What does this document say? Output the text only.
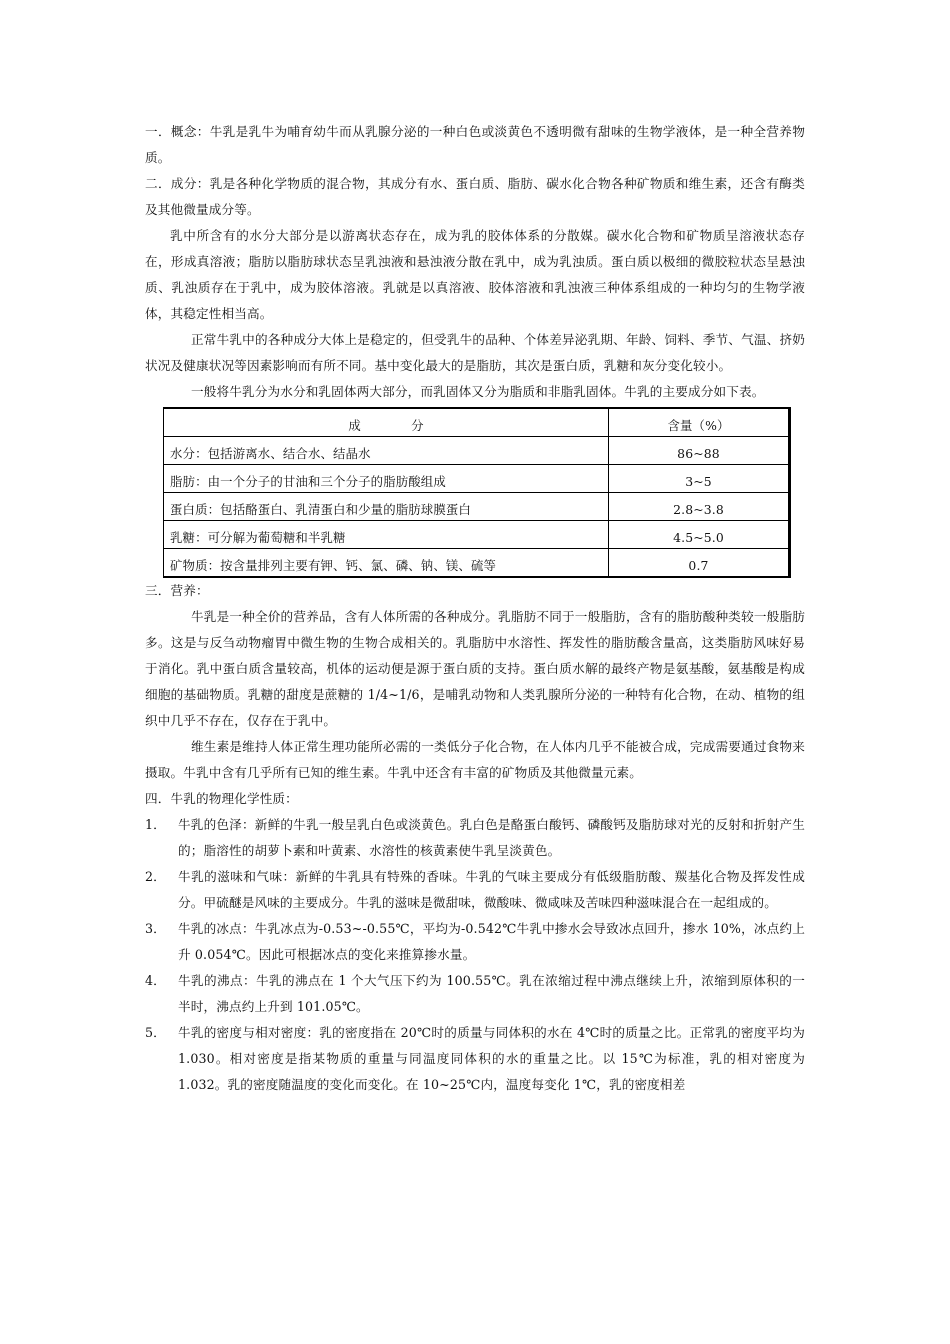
一．概念：牛乳是乳牛为哺育幼牛而从乳腺分泌的一种白色或淡黄色不透明微有甜味的生物学液体，是一种全营养物质。

二．成分：乳是各种化学物质的混合物，其成分有水、蛋白质、脂肪、碳水化合物各种矿物质和维生素，还含有酶类及其他微量成分等。

乳中所含有的水分大部分是以游离状态存在，成为乳的胶体体系的分散媒。碳水化合物和矿物质呈溶液状态存在，形成真溶液；脂肪以脂肪球状态呈乳浊液和悬浊液分散在乳中，成为乳浊质。蛋白质以极细的微胶粒状态呈悬浊质、乳浊质存在于乳中，成为胶体溶液。乳就是以真溶液、胶体溶液和乳浊液三种体系组成的一种均匀的生物学液体，其稳定性相当高。

正常牛乳中的各种成分大体上是稳定的，但受乳牛的品种、个体差异泌乳期、年龄、饲料、季节、气温、挤奶状况及健康状况等因素影响而有所不同。基中变化最大的是脂肪，其次是蛋白质，乳糖和灰分变化较小。

一般将牛乳分为水分和乳固体两大部分，而乳固体又分为脂质和非脂乳固体。牛乳的主要成分如下表。

成　　　　分	含量（%）
水分：包括游离水、结合水、结晶水	86~88
脂肪：由一个分子的甘油和三个分子的脂肪酸组成	3~5
蛋白质：包括酪蛋白、乳清蛋白和少量的脂肪球膜蛋白	2.8~3.8
乳糖：可分解为葡萄糖和半乳糖	4.5~5.0
矿物质：按含量排列主要有钾、钙、氯、磷、钠、镁、硫等	0.7

三．营养：

牛乳是一种全价的营养品，含有人体所需的各种成分。乳脂肪不同于一般脂肪，含有的脂肪酸种类较一般脂肪多。这是与反刍动物瘤胃中微生物的生物合成相关的。乳脂肪中水溶性、挥发性的脂肪酸含量高，这类脂肪风味好易于消化。乳中蛋白质含量较高，机体的运动便是源于蛋白质的支持。蛋白质水解的最终产物是氨基酸，氨基酸是构成细胞的基础物质。乳糖的甜度是蔗糖的 1/4~1/6，是哺乳动物和人类乳腺所分泌的一种特有化合物，在动、植物的组织中几乎不存在，仅存在于乳中。

维生素是维持人体正常生理功能所必需的一类低分子化合物，在人体内几乎不能被合成，完成需要通过食物来摄取。牛乳中含有几乎所有已知的维生素。牛乳中还含有丰富的矿物质及其他微量元素。

四．牛乳的物理化学性质：

1． 牛乳的色泽：新鲜的牛乳一般呈乳白色或淡黄色。乳白色是酪蛋白酸钙、磷酸钙及脂肪球对光的反射和折射产生的；脂溶性的胡萝卜素和叶黄素、水溶性的核黄素使牛乳呈淡黄色。
2． 牛乳的滋味和气味：新鲜的牛乳具有特殊的香味。牛乳的气味主要成分有低级脂肪酸、羰基化合物及挥发性成分。甲硫醚是风味的主要成分。牛乳的滋味是微甜味，微酸味、微咸味及苦味四种滋味混合在一起组成的。
3． 牛乳的冰点：牛乳冰点为-0.53~-0.55℃，平均为-0.542℃牛乳中掺水会导致冰点回升，掺水 10%，冰点约上升 0.054℃。因此可根据冰点的变化来推算掺水量。
4． 牛乳的沸点：牛乳的沸点在 1 个大气压下约为 100.55℃。乳在浓缩过程中沸点继续上升，浓缩到原体积的一半时，沸点约上升到 101.05℃。
5． 牛乳的密度与相对密度：乳的密度指在 20℃时的质量与同体积的水在 4℃时的质量之比。正常乳的密度平均为 1.030。相对密度是指某物质的重量与同温度同体积的水的重量之比。以 15℃为标准，乳的相对密度为 1.032。乳的密度随温度的变化而变化。在 10~25℃内，温度每变化 1℃，乳的密度相差
